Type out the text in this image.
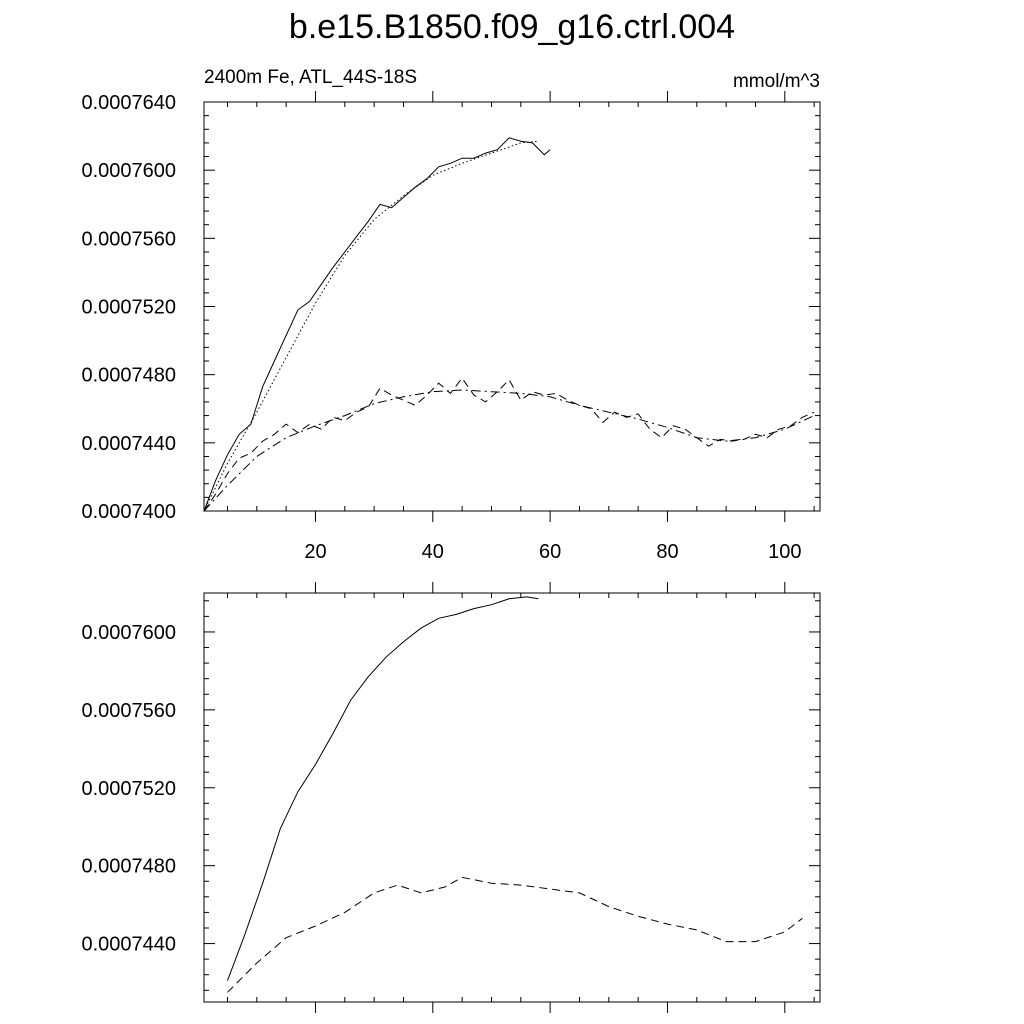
b.e15.B1850.f09_g16.ctrl.004
2400m Fe, ATL_44S-18S	mmol/m^3
20	40	60	80	100
0.0007400
0.0007440
0.0007480
0.0007520
0.0007560
0.0007600
0.0007640
0.0007440
0.0007480
0.0007520
0.0007560
0.0007600
